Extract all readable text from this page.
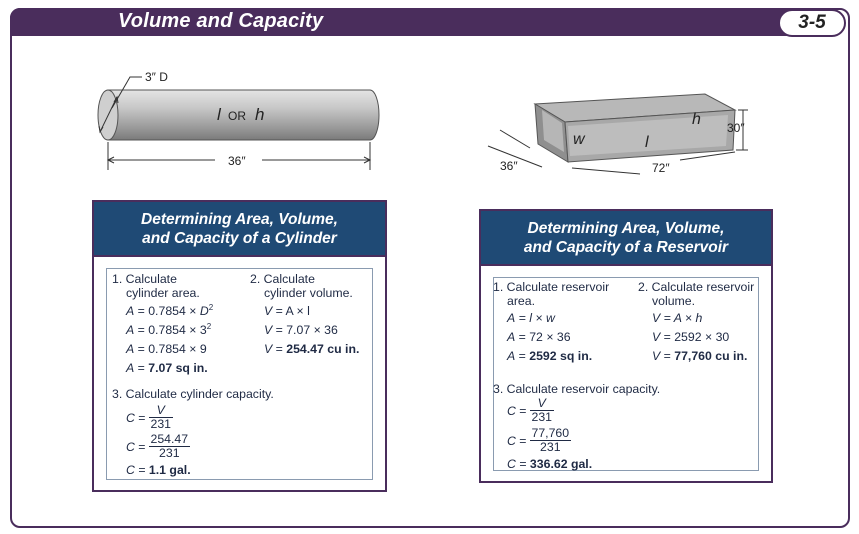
Volume and Capacity	3-5
3″ D
l OR h
36″
w	l
h 30″
36″	72″
Determining Area, Volume,
and Capacity of a Cylinder
1. Calculate
cylinder area.
$A = 0.7854 \times D^2$
$A = 0.7854 \times 3^2$
A = 0.7854 × 9
A = 7.07 sq in.
2. Calculate
cylinder volume.
V = A × l
V = 7.07 × 36
V = 254.47 cu in.
3. Calculate cylinder capacity.
$C = \frac{V}{231}$
$C = \frac{254.47}{231}$
C = 1.1 gal.
Determining Area, Volume,
and Capacity of a Reservoir
1. Calculate reservoir
area.
A = l × w
A = 72 × 36
A = 2592 sq in.
2. Calculate reservoir
volume.
V = A × h
V = 2592 × 30
V = 77,760 cu in.
3. Calculate reservoir capacity.
$C = \frac{V}{231}$
$C = \frac{77,760}{231}$
C = 336.62 gal.
